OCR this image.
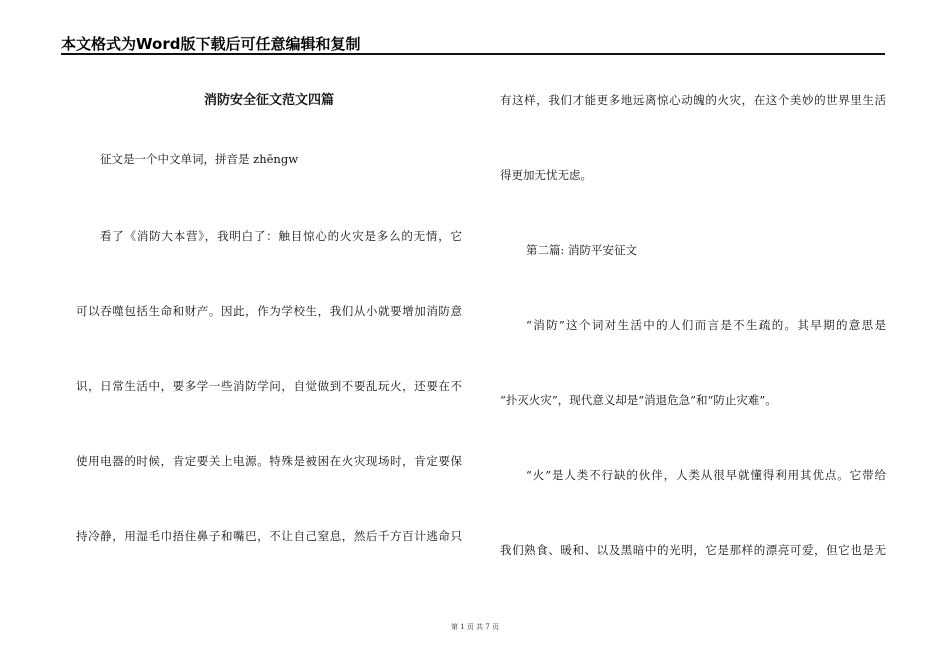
本文格式为Word版下载后可任意编辑和复制
消防安全征文范文四篇
征文是一个中文单词，拼音是 zhēngw
看了《消防大本营》，我明白了：触目惊心的火灾是多么的无情，它
可以吞噬包括生命和财产。因此，作为学校生，我们从小就要增加消防意
识，日常生活中，要多学一些消防学问，自觉做到不要乱玩火，还要在不
使用电器的时候，肯定要关上电源。特殊是被困在火灾现场时，肯定要保
持冷静，用湿毛巾捂住鼻子和嘴巴，不让自己窒息，然后千方百计逃命只
有这样，我们才能更多地远离惊心动魄的火灾，在这个美妙的世界里生活
得更加无忧无虑。
第二篇: 消防平安征文
“消防”这个词对生活中的人们而言是不生疏的。其早期的意思是
“扑灭火灾”，现代意义却是“消退危急”和“防止灾难”。
“火”是人类不行缺的伙伴，人类从很早就懂得利用其优点。它带给
我们熟食、暖和、以及黑暗中的光明，它是那样的漂亮可爱，但它也是无
第 1 页 共 7 页
